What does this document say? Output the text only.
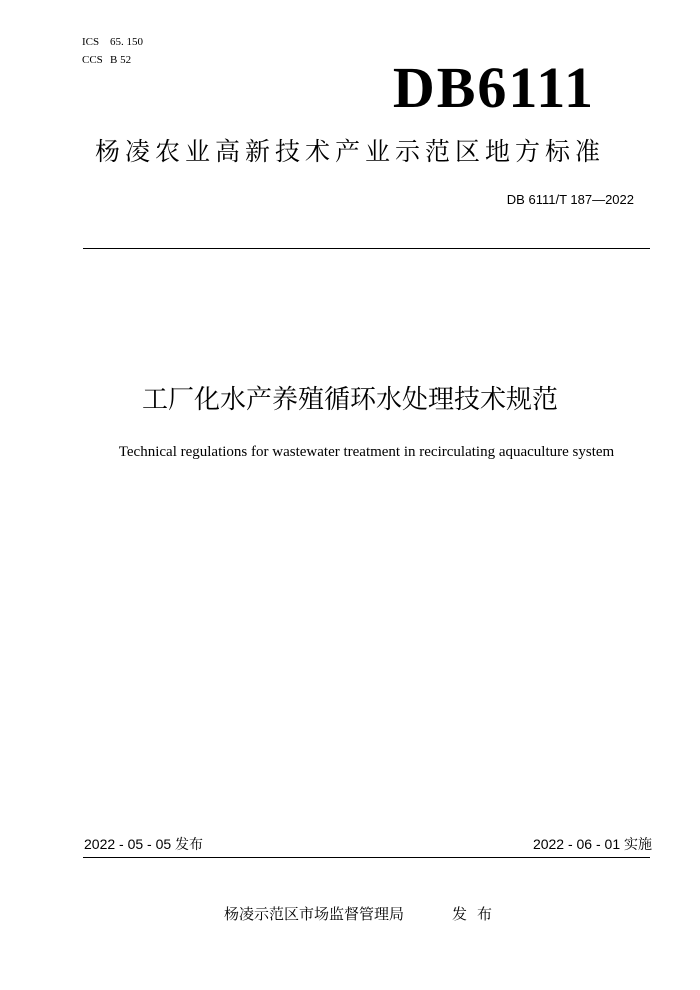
ICS 65. 150
CCS B 52	DB6111
杨凌农业高新技术产业示范区地方标准
DB 6111/T 187—2022
工厂化水产养殖循环水处理技术规范
Technical regulations for wastewater treatment in recirculating aquaculture system
2022 - 05 - 05 发布	2022 - 06 - 01 实施
杨凌示范区市场监督管理局	发布
